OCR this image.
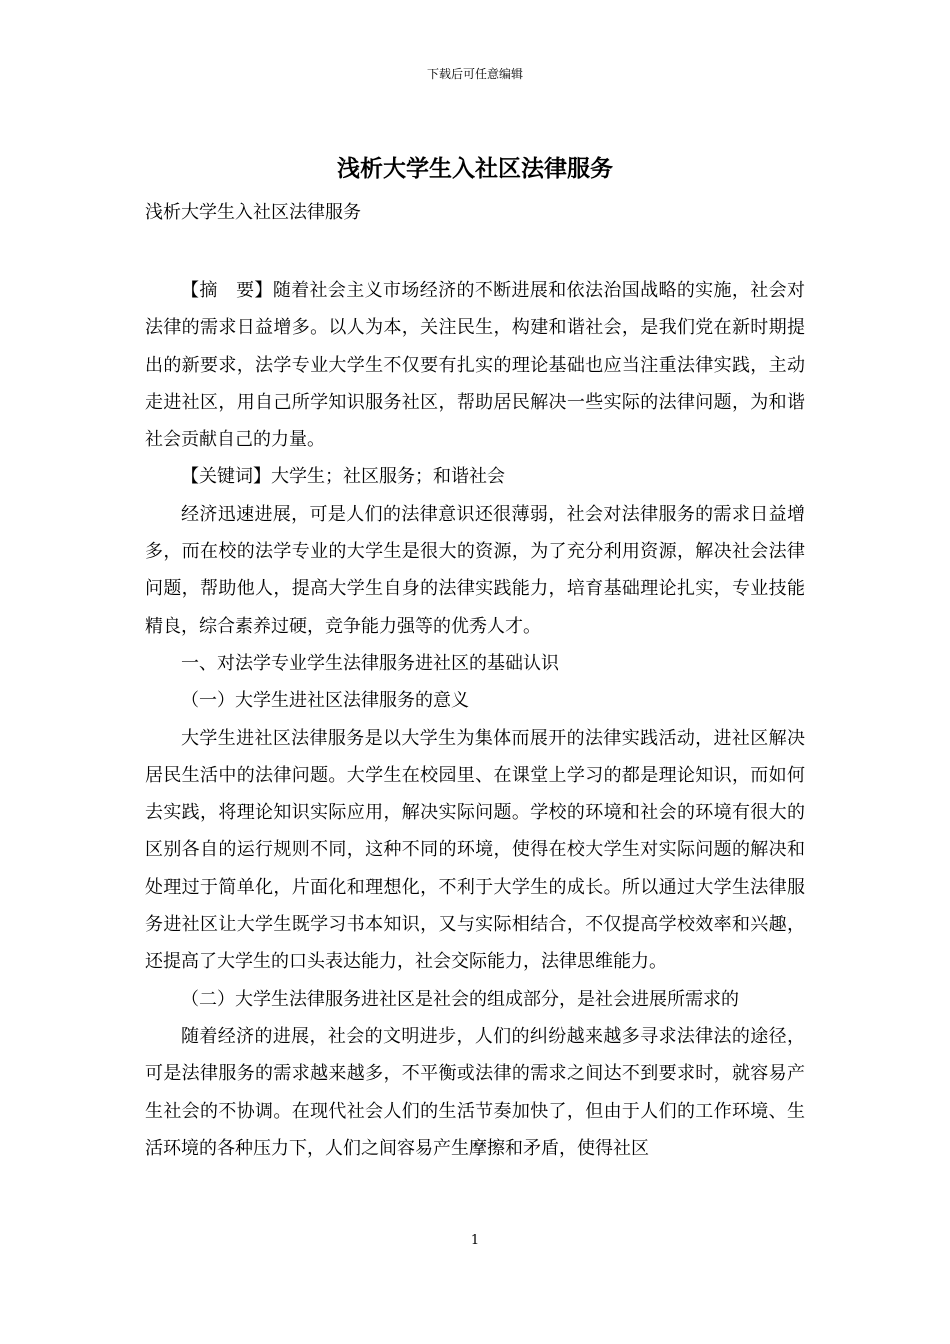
下载后可任意编辑
浅析大学生入社区法律服务
浅析大学生入社区法律服务

【摘　要】随着社会主义市场经济的不断进展和依法治国战略的实施，社会对法律的需求日益增多。以人为本，关注民生，构建和谐社会，是我们党在新时期提出的新要求，法学专业大学生不仅要有扎实的理论基础也应当注重法律实践，主动走进社区，用自己所学知识服务社区，帮助居民解决一些实际的法律问题，为和谐社会贡献自己的力量。

【关键词】大学生；社区服务；和谐社会

经济迅速进展，可是人们的法律意识还很薄弱，社会对法律服务的需求日益增多，而在校的法学专业的大学生是很大的资源，为了充分利用资源，解决社会法律问题，帮助他人，提高大学生自身的法律实践能力，培育基础理论扎实，专业技能精良，综合素养过硬，竞争能力强等的优秀人才。

一、对法学专业学生法律服务进社区的基础认识

（一）大学生进社区法律服务的意义

大学生进社区法律服务是以大学生为集体而展开的法律实践活动，进社区解决居民生活中的法律问题。大学生在校园里、在课堂上学习的都是理论知识，而如何去实践，将理论知识实际应用，解决实际问题。学校的环境和社会的环境有很大的区别各自的运行规则不同，这种不同的环境，使得在校大学生对实际问题的解决和处理过于简单化，片面化和理想化，不利于大学生的成长。所以通过大学生法律服务进社区让大学生既学习书本知识，又与实际相结合，不仅提高学校效率和兴趣，还提高了大学生的口头表达能力，社会交际能力，法律思维能力。

（二）大学生法律服务进社区是社会的组成部分，是社会进展所需求的

随着经济的进展，社会的文明进步，人们的纠纷越来越多寻求法律法的途径，可是法律服务的需求越来越多，不平衡或法律的需求之间达不到要求时，就容易产生社会的不协调。在现代社会人们的生活节奏加快了，但由于人们的工作环境、生活环境的各种压力下，人们之间容易产生摩擦和矛盾，使得社区

1
